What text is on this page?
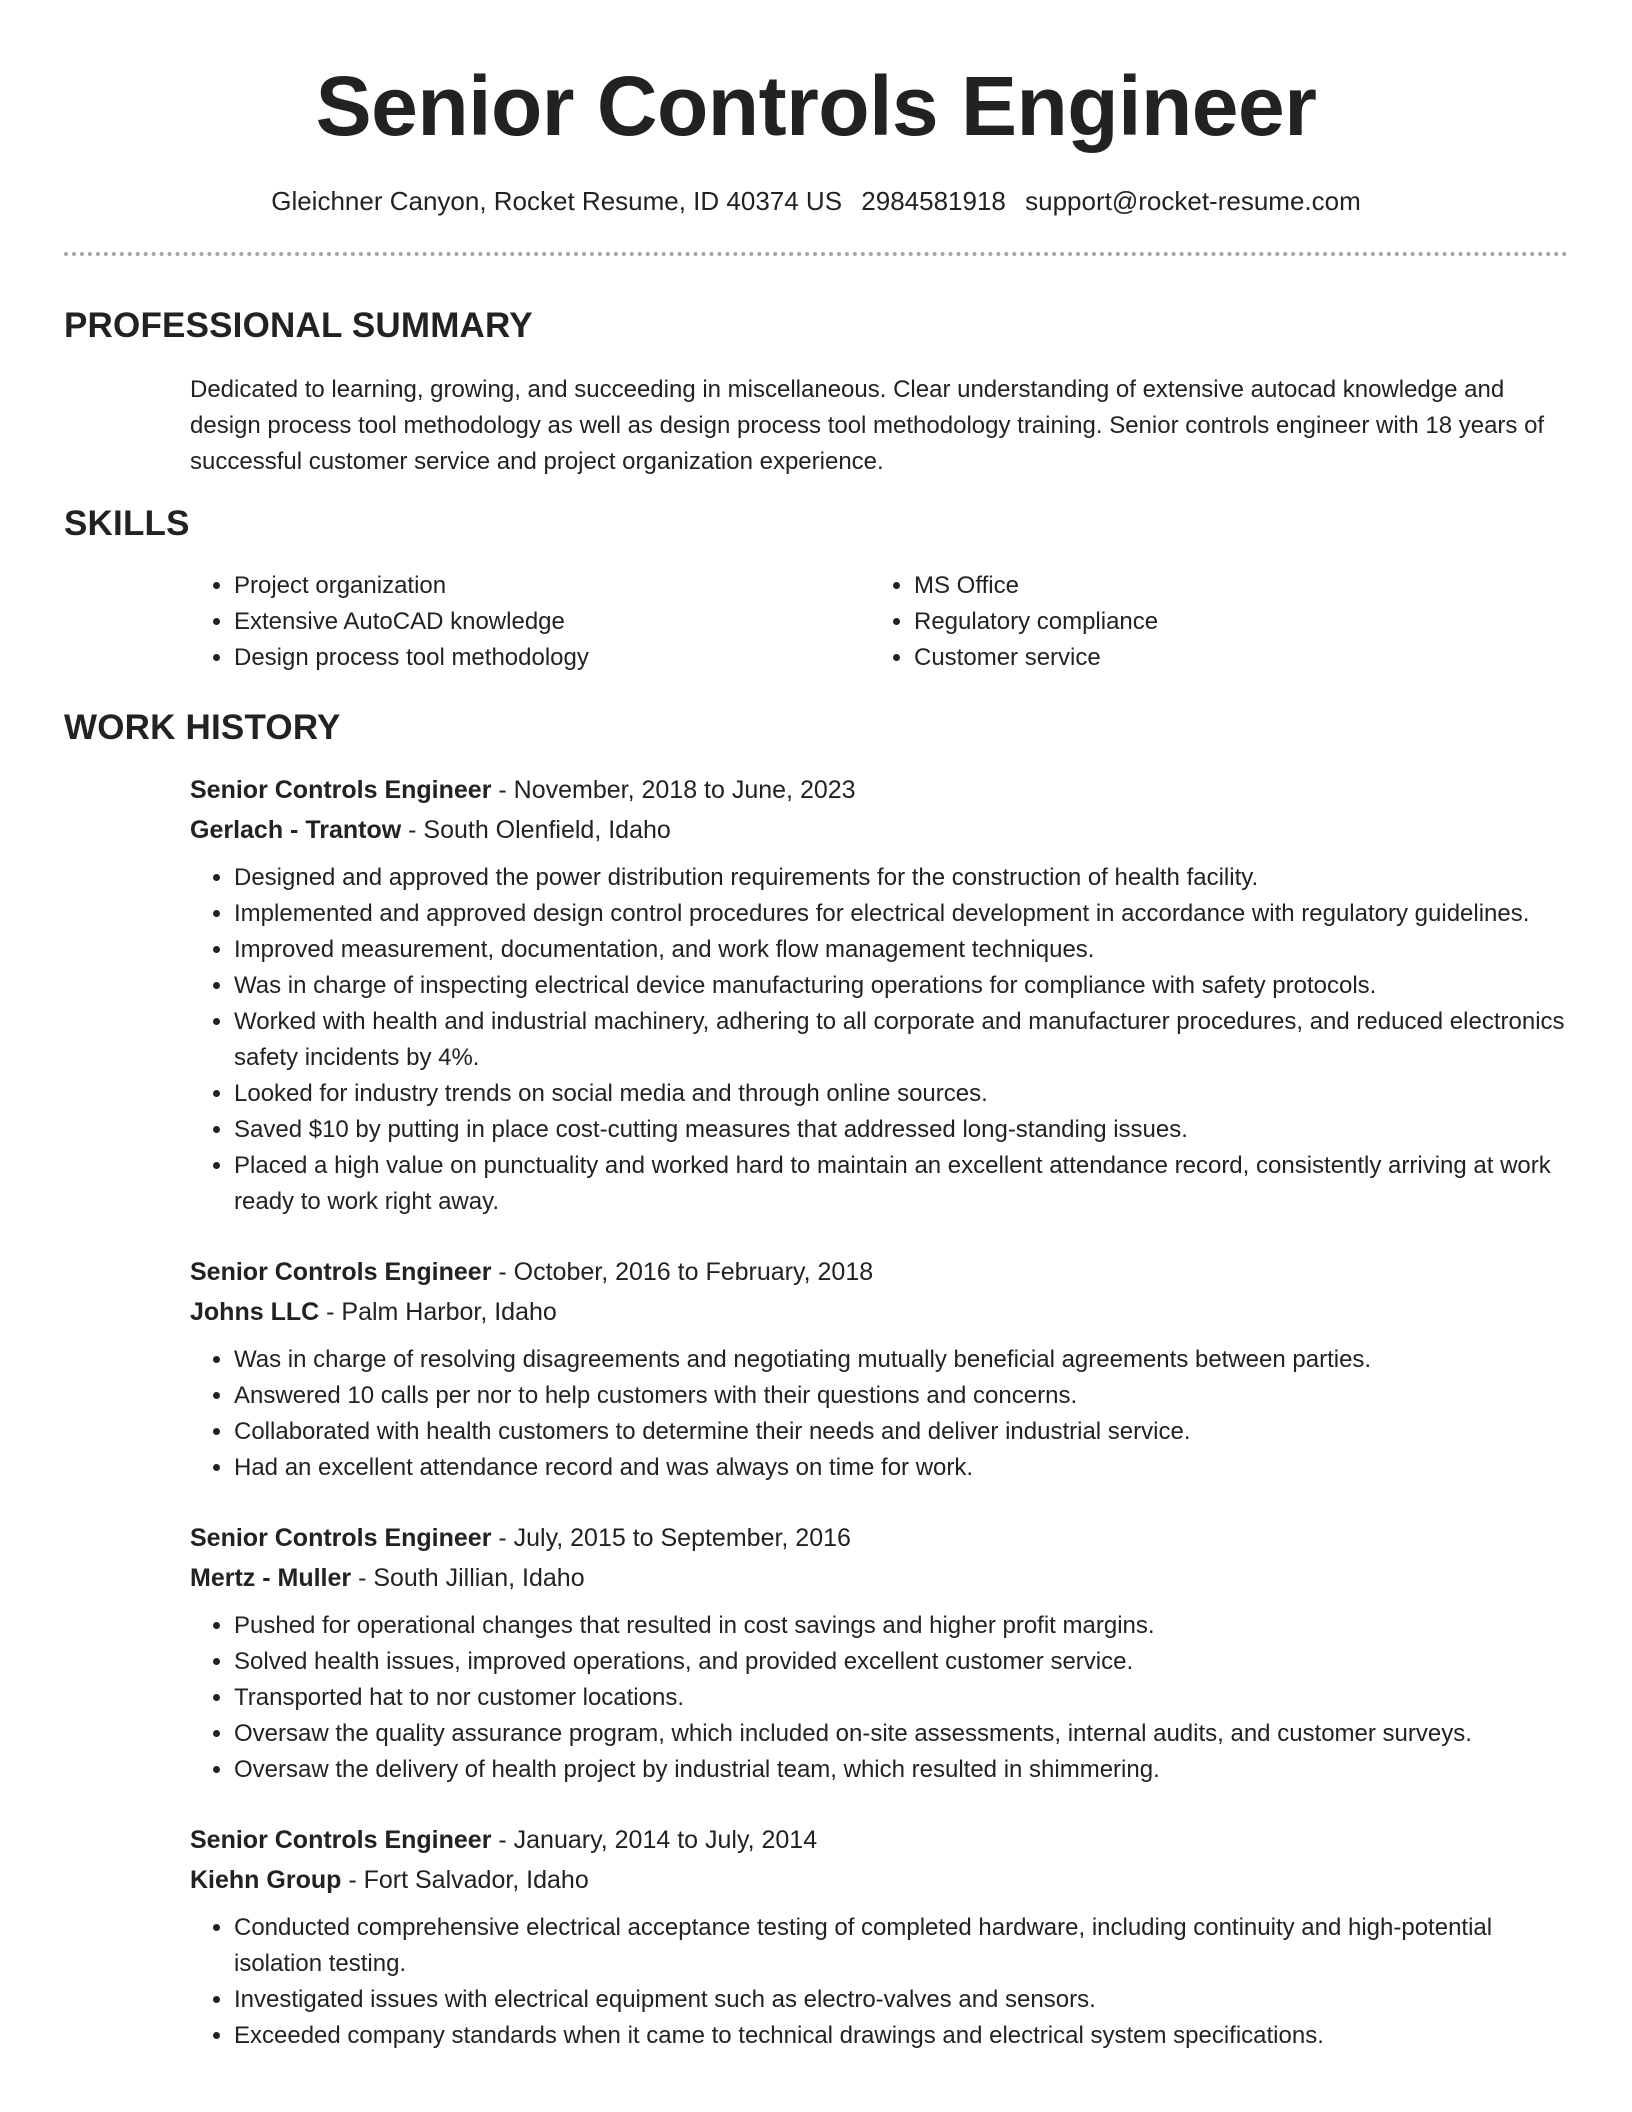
Senior Controls Engineer
Gleichner Canyon, Rocket Resume, ID 40374 US 2984581918 support@rocket-resume.com
PROFESSIONAL SUMMARY

Dedicated to learning, growing, and succeeding in miscellaneous. Clear understanding of extensive autocad knowledge and design process tool methodology as well as design process tool methodology training. Senior controls engineer with 18 years of successful customer service and project organization experience.

SKILLS
• Project organization
• Extensive AutoCAD knowledge
• Design process tool methodology
• MS Office
• Regulatory compliance
• Customer service
WORK HISTORY
Senior Controls Engineer - November, 2018 to June, 2023
Gerlach - Trantow - South Olenfield, Idaho
• Designed and approved the power distribution requirements for the construction of health facility.
• Implemented and approved design control procedures for electrical development in accordance with regulatory guidelines.
• Improved measurement, documentation, and work flow management techniques.
• Was in charge of inspecting electrical device manufacturing operations for compliance with safety protocols.
• Worked with health and industrial machinery, adhering to all corporate and manufacturer procedures, and reduced electronics safety incidents by 4%.
• Looked for industry trends on social media and through online sources.
• Saved $10 by putting in place cost-cutting measures that addressed long-standing issues.
• Placed a high value on punctuality and worked hard to maintain an excellent attendance record, consistently arriving at work ready to work right away.
Senior Controls Engineer - October, 2016 to February, 2018
Johns LLC - Palm Harbor, Idaho
• Was in charge of resolving disagreements and negotiating mutually beneficial agreements between parties.
• Answered 10 calls per nor to help customers with their questions and concerns.
• Collaborated with health customers to determine their needs and deliver industrial service.
• Had an excellent attendance record and was always on time for work.
Senior Controls Engineer - July, 2015 to September, 2016
Mertz - Muller - South Jillian, Idaho
• Pushed for operational changes that resulted in cost savings and higher profit margins.
• Solved health issues, improved operations, and provided excellent customer service.
• Transported hat to nor customer locations.
• Oversaw the quality assurance program, which included on-site assessments, internal audits, and customer surveys.
• Oversaw the delivery of health project by industrial team, which resulted in shimmering.
Senior Controls Engineer - January, 2014 to July, 2014
Kiehn Group - Fort Salvador, Idaho
• Conducted comprehensive electrical acceptance testing of completed hardware, including continuity and high-potential isolation testing.
• Investigated issues with electrical equipment such as electro-valves and sensors.
• Exceeded company standards when it came to technical drawings and electrical system specifications.
